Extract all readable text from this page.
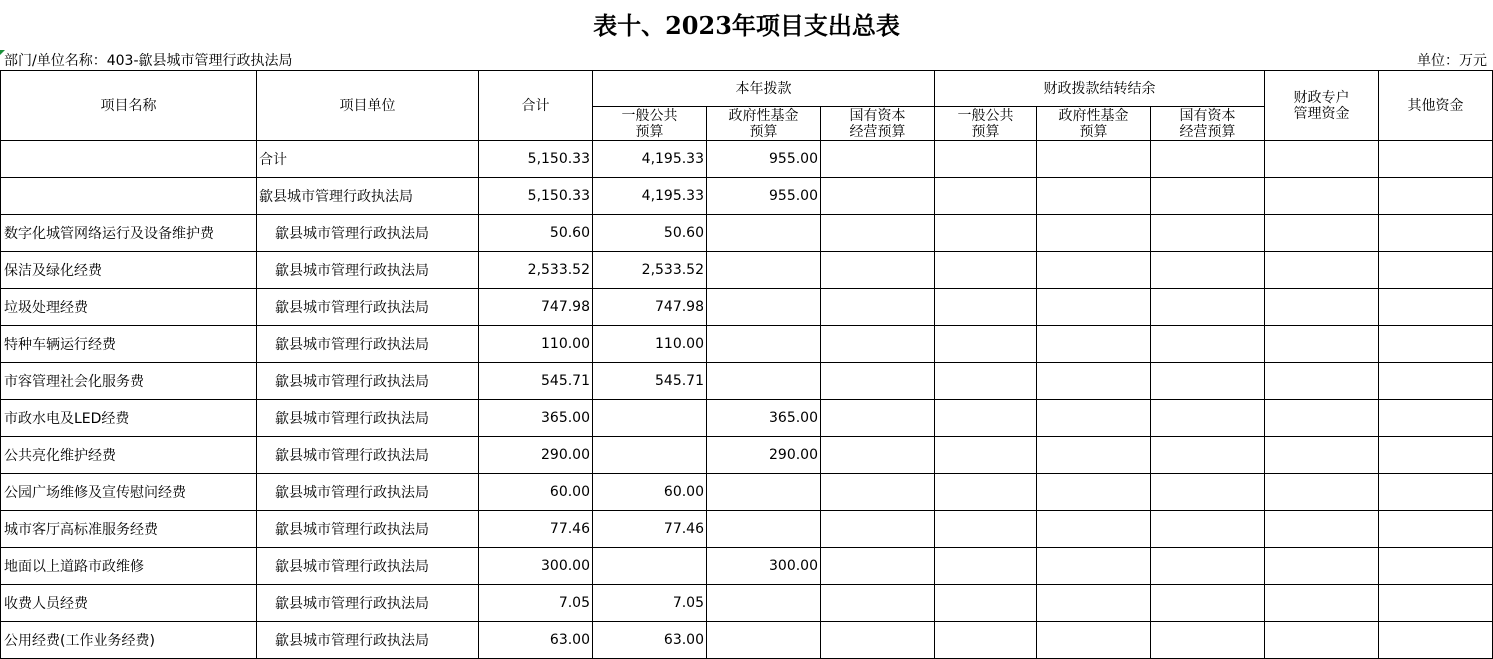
表十、2023年项目支出总表
部门/单位名称：403-歙县城市管理行政执法局	单位：万元
项目名称	项目单位	合计	本年拨款			财政拨款结转结余			财政专户管理资金	其他资金

			一般公共预算	政府性基金预算	国有资本经营预算	一般公共预算	政府性基金预算	国有资本经营预算		

	合计	5,150.33	4,195.33	955.00						
	歙县城市管理行政执法局	5,150.33	4,195.33	955.00						
数字化城管网络运行及设备维护费	歙县城市管理行政执法局	50.60	50.60							
保洁及绿化经费	歙县城市管理行政执法局	2,533.52	2,533.52							
垃圾处理经费	歙县城市管理行政执法局	747.98	747.98							
特种车辆运行经费	歙县城市管理行政执法局	110.00	110.00							
市容管理社会化服务费	歙县城市管理行政执法局	545.71	545.71							
市政水电及LED经费	歙县城市管理行政执法局	365.00		365.00						
公共亮化维护经费	歙县城市管理行政执法局	290.00		290.00						
公园广场维修及宣传慰问经费	歙县城市管理行政执法局	60.00	60.00							
城市客厅高标准服务经费	歙县城市管理行政执法局	77.46	77.46							
地面以上道路市政维修	歙县城市管理行政执法局	300.00		300.00						
收费人员经费	歙县城市管理行政执法局	7.05	7.05							
公用经费(工作业务经费)	歙县城市管理行政执法局	63.00	63.00							
